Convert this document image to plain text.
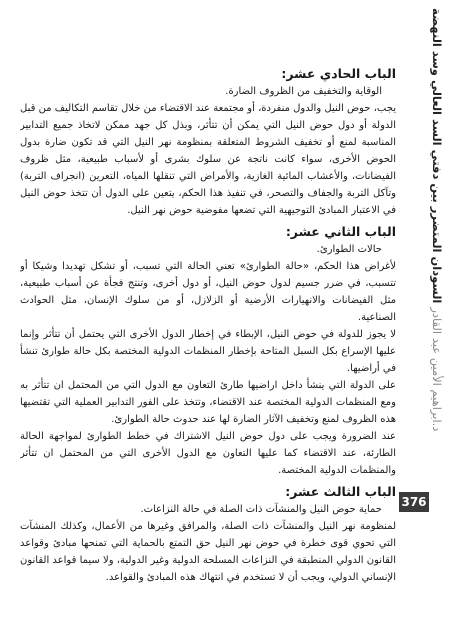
د.ابراهيم الأمين عبد القادر السودان المتضرر بين دفتي السد العالي وسد النهضة
376
الباب الحادي عشر:

الوقاية والتخفيف من الظروف الضارة.

يجب، حوض النيل والدول منفردة، أو مجتمعة عند الاقتضاء من خلال تقاسم التكاليف من قبل الدولة أو دول حوض النيل التي يمكن أن تتأثر، وبذل كل جهد ممكن لاتخاذ جميع التدابير المناسبة لمنع أو تخفيف الشروط المتعلقة بمنظومة نهر النيل التي قد تكون ضارة بدول الحوض الأخرى، سواء كانت ناتجة عن سلوك بشرى أو لأسباب طبيعية، مثل ظروف الفيضانات، والأعشاب المائية الغازية، والأمراض التي تنقلها المياه، التعرين (انجراف التربة) وتآكل التربة والجفاف والتصحر، في تنفيذ هذا الحكم، يتعين على الدول أن تتخذ حوض النيل في الاعتبار المبادئ التوجيهية التي تضعها مفوضية حوض نهر النيل.

الباب الثاني عشر:

حالات الطوارئ.

لأغراض هذا الحكم، «حالة الطوارئ» تعني الحالة التي تسبب، أو تشكل تهديدا وشيكا أو تتسبب، في ضرر جسيم لدول حوض النيل، أو دول أخرى، وتنتج فجأة عن أسباب طبيعية، مثل الفيضانات والانهيارات الأرضية أو الزلازل، أو من سلوك الإنسان، مثل الحوادث الصناعية.

لا يجوز للدولة في حوض النيل، الإبطاء في إخطار الدول الأخرى التي يحتمل أن تتأثر وإنما عليها الإسراع بكل السبل المتاحة بإخطار المنظمات الدولية المختصة بكل حالة طوارئ تنشأ في أراضيها.

على الدولة التي ينشأ داخل اراضيها طارئ التعاون مع الدول التي من المحتمل ان تتأثر به ومع المنظمات الدولية المختصة عند الاقتضاء، وتتخذ على الفور التدابير العملية التي تقتضيها هذه الظروف لمنع وتخفيف الآثار الضارة لها عند حدوث حالة الطوارئ.

عند الضرورة ويجب على دول حوض النيل الاشتراك في خطط الطوارئ لمواجهة الحالة الطارئة، عند الاقتضاء كما عليها التعاون مع الدول الأخرى التي من المحتمل ان تتأثر والمنظمات الدولية المختصة.

الباب الثالث عشر:

حماية حوض النيل والمنشآت ذات الصلة في حالة النزاعات.

لمنظومة نهر النيل والمنشآت ذات الصلة، والمرافق وغيرها من الأعمال، وكذلك المنشآت التي تحوي قوى خطرة في حوض نهر النيل حق التمتع بالحماية التي تمنحها مبادئ وقواعد القانون الدولي المنطبقة في النزاعات المسلحة الدولية وغير الدولية، ولا سيما قواعد القانون الإنساني الدولي، ويجب أن لا تستخدم في انتهاك هذه المبادئ والقواعد.
